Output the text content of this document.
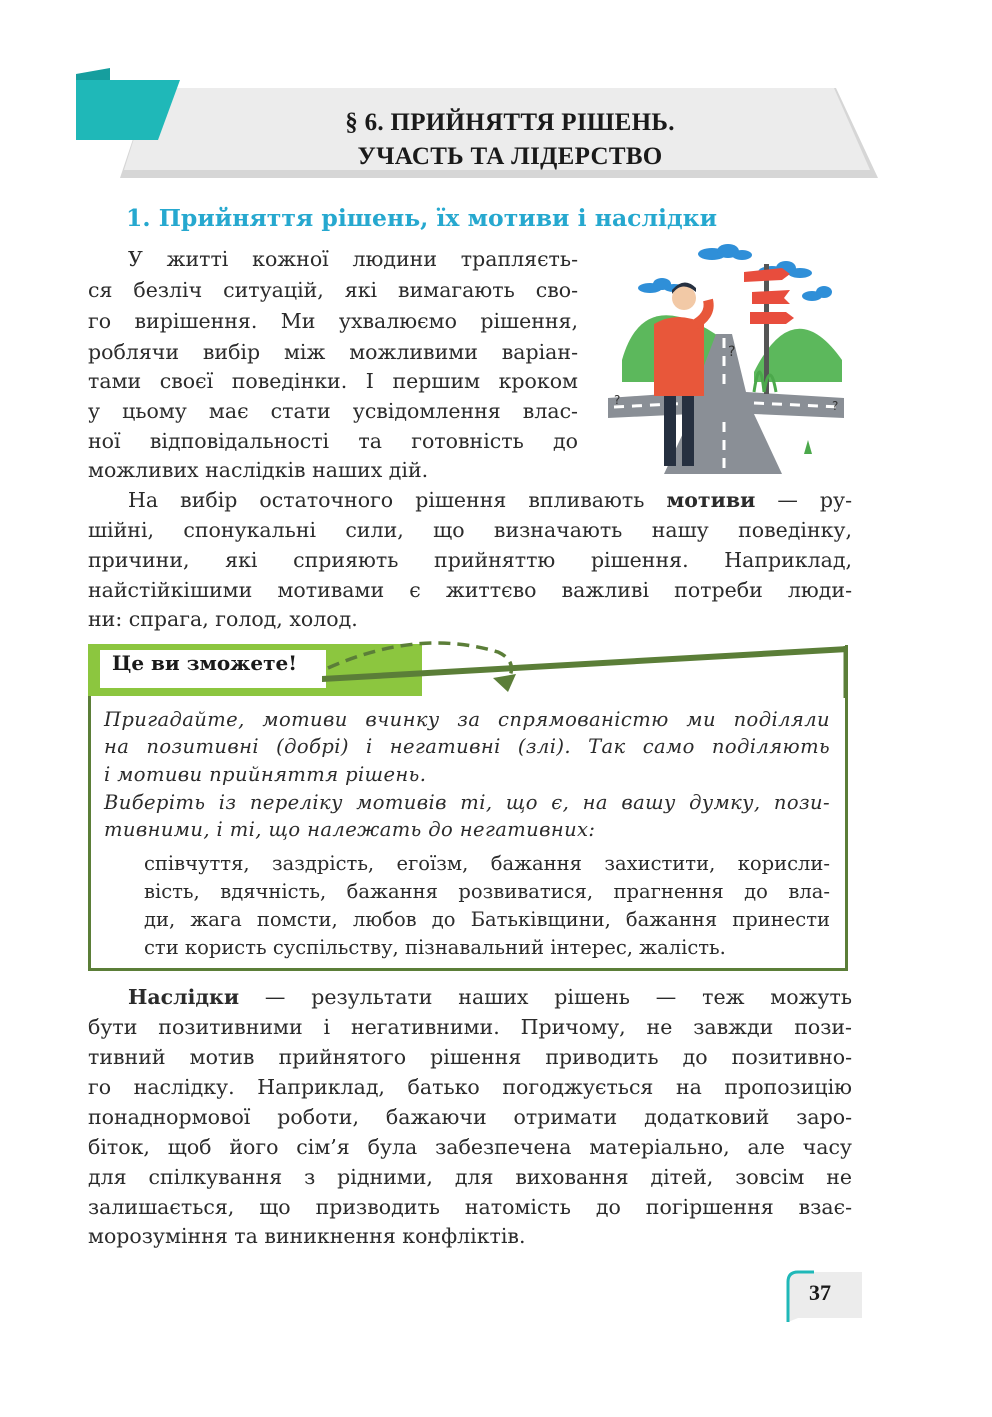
§ 6. ПРИЙНЯТТЯ РІШЕНЬ.
УЧАСТЬ ТА ЛІДЕРСТВО
1. Прийняття рішень, їх мотиви і наслідки
У житті кожної людини трапляєть-
ся безліч ситуацій, які вимагають сво-
го вирішення. Ми ухвалюємо рішення,
роблячи вибір між можливими варіан-
тами своєї поведінки. І першим кроком
у цьому має стати усвідомлення влас-
ної відповідальності та готовність до
можливих наслідків наших дій.
?
?	?
На вибір остаточного рішення впливають мотиви — ру-
шійні, спонукальні сили, що визначають нашу поведінку,
причини, які сприяють прийняттю рішення. Наприклад,
найстійкішими мотивами є життєво важливі потреби люди-
ни: спрага, голод, холод.
Це ви зможете!
Пригадайте, мотиви вчинку за спрямованістю ми поділяли
на позитивні (добрі) і негативні (злі). Так само поділяють
і мотиви прийняття рішень.
Виберіть із переліку мотивів ті, що є, на вашу думку, пози-
тивними, і ті, що належать до негативних:
співчуття, заздрість, егоїзм, бажання захистити, корисли-
вість, вдячність, бажання розвиватися, прагнення до вла-
ди, жага помсти, любов до Батьківщини, бажання принести
сти користь суспільству, пізнавальний інтерес, жалість.
Наслідки — результати наших рішень — теж можуть
бути позитивними і негативними. Причому, не завжди пози-
тивний мотив прийнятого рішення приводить до позитивно-
го наслідку. Наприклад, батько погоджується на пропозицію
понаднормової роботи, бажаючи отримати додатковий заро-
біток, щоб його сім’я була забезпечена матеріально, але часу
для спілкування з рідними, для виховання дітей, зовсім не
залишається, що призводить натомість до погіршення взає-
морозуміння та виникнення конфліктів.
37
